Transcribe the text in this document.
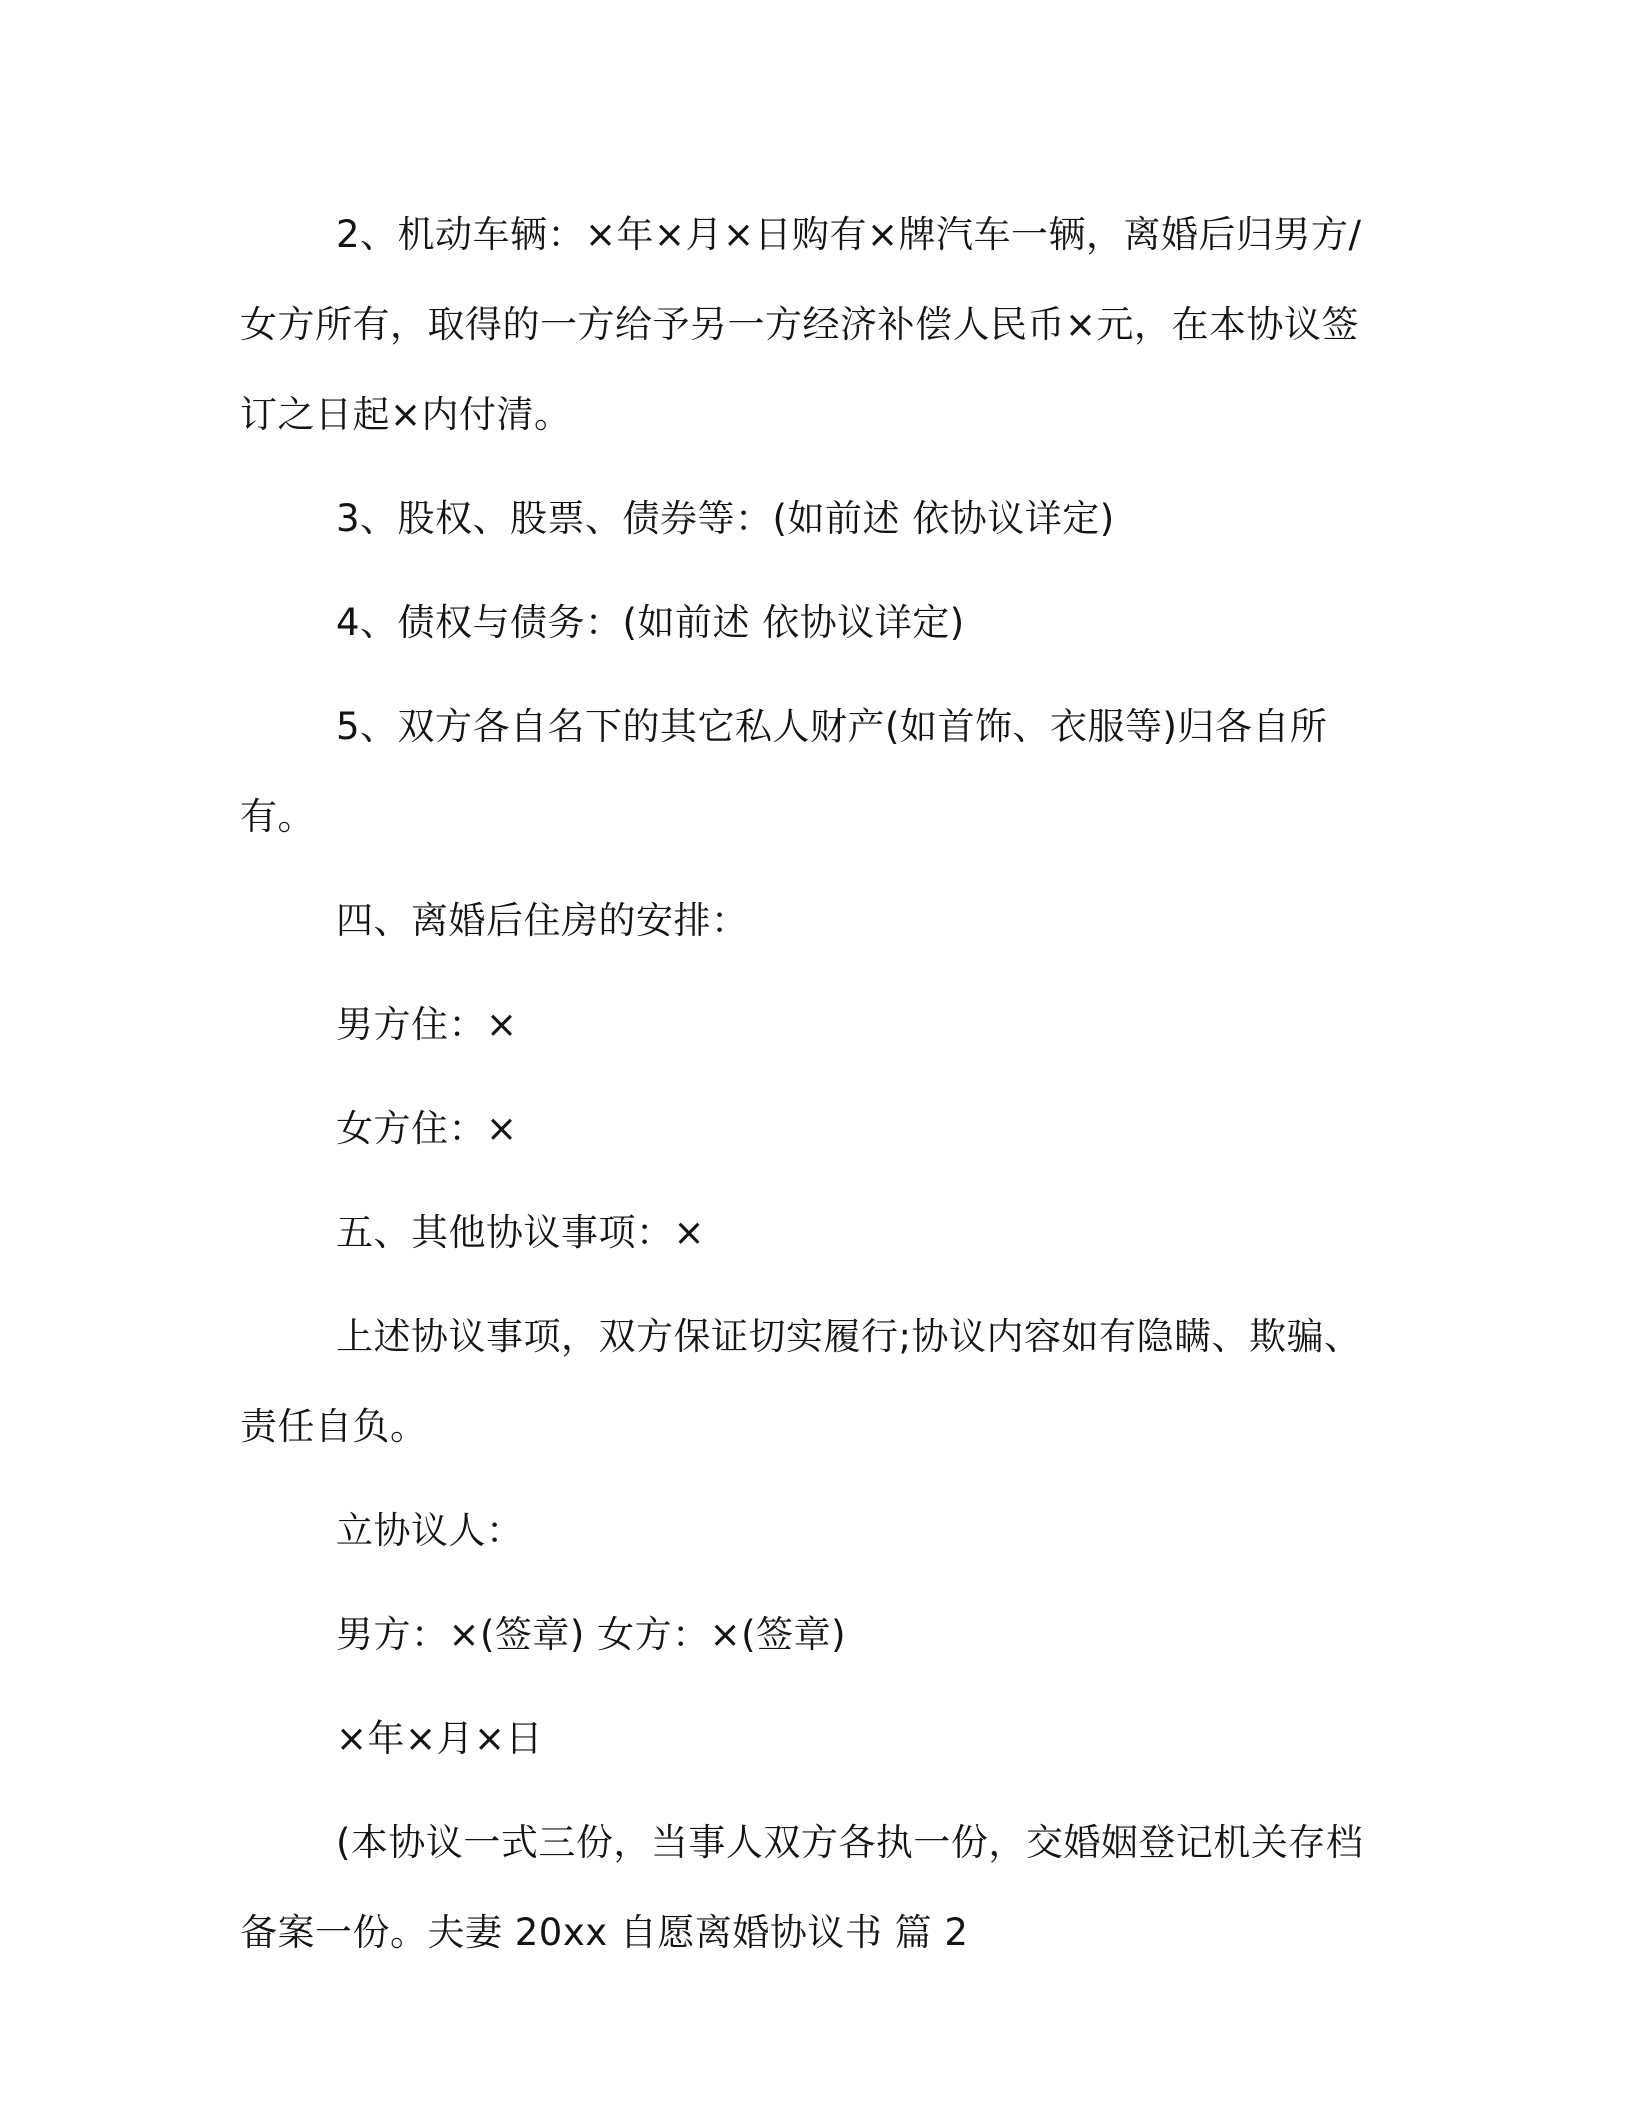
2、机动车辆：×年×月×日购有×牌汽车一辆，离婚后归男方/女方所有，取得的一方给予另一方经济补偿人民币×元，在本协议签订之日起×内付清。

3、股权、股票、债券等：(如前述 依协议详定)

4、债权与债务：(如前述 依协议详定)

5、双方各自名下的其它私人财产(如首饰、衣服等)归各自所有。

四、离婚后住房的安排：

男方住：×

女方住：×

五、其他协议事项：×

上述协议事项，双方保证切实履行;协议内容如有隐瞒、欺骗、责任自负。

立协议人：

男方：×(签章) 女方：×(签章)

×年×月×日

(本协议一式三份，当事人双方各执一份，交婚姻登记机关存档备案一份。夫妻 20xx 自愿离婚协议书 篇 2
